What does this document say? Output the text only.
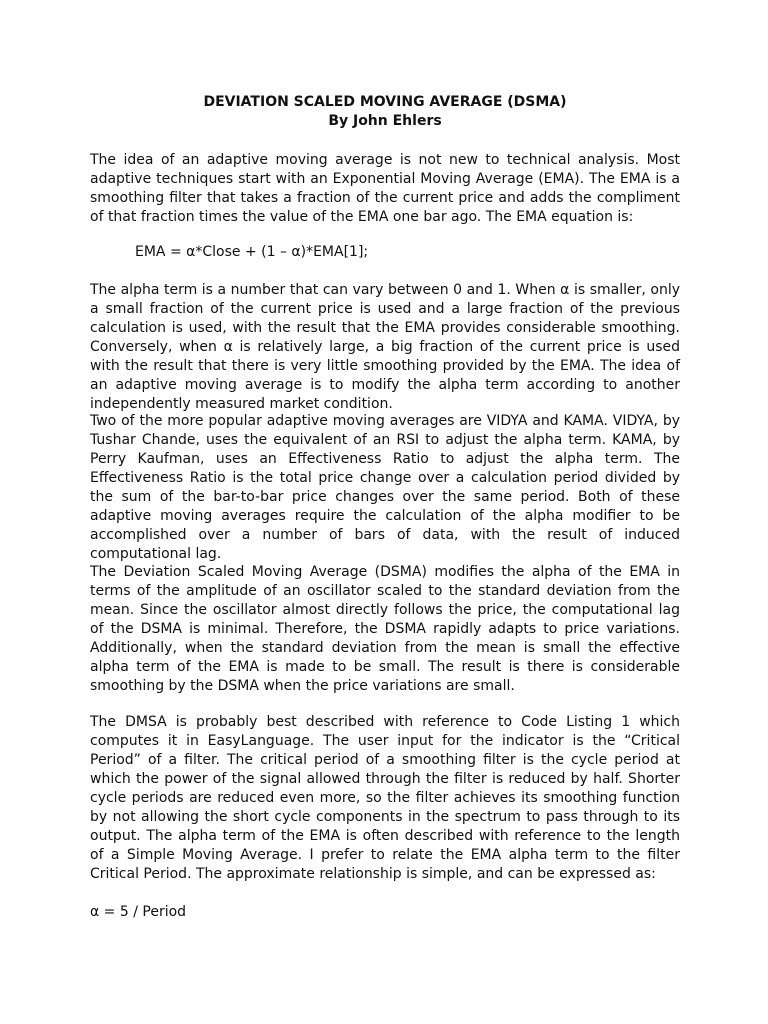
DEVIATION SCALED MOVING AVERAGE (DSMA)
By John Ehlers

The idea of an adaptive moving average is not new to technical analysis. Most adaptive techniques start with an Exponential Moving Average (EMA). The EMA is a smoothing filter that takes a fraction of the current price and adds the compliment of that fraction times the value of the EMA one bar ago. The EMA equation is:

EMA = α*Close + (1 – α)*EMA[1];

The alpha term is a number that can vary between 0 and 1. When α is smaller, only a small fraction of the current price is used and a large fraction of the previous calculation is used, with the result that the EMA provides considerable smoothing. Conversely, when α is relatively large, a big fraction of the current price is used with the result that there is very little smoothing provided by the EMA. The idea of an adaptive moving average is to modify the alpha term according to another independently measured market condition.

Two of the more popular adaptive moving averages are VIDYA and KAMA. VIDYA, by Tushar Chande, uses the equivalent of an RSI to adjust the alpha term. KAMA, by Perry Kaufman, uses an Effectiveness Ratio to adjust the alpha term. The Effectiveness Ratio is the total price change over a calculation period divided by the sum of the bar-to-bar price changes over the same period. Both of these adaptive moving averages require the calculation of the alpha modifier to be accomplished over a number of bars of data, with the result of induced computational lag.

The Deviation Scaled Moving Average (DSMA) modifies the alpha of the EMA in terms of the amplitude of an oscillator scaled to the standard deviation from the mean. Since the oscillator almost directly follows the price, the computational lag of the DSMA is minimal. Therefore, the DSMA rapidly adapts to price variations. Additionally, when the standard deviation from the mean is small the effective alpha term of the EMA is made to be small. The result is there is considerable smoothing by the DSMA when the price variations are small.

The DMSA is probably best described with reference to Code Listing 1 which computes it in EasyLanguage. The user input for the indicator is the “Critical Period” of a filter. The critical period of a smoothing filter is the cycle period at which the power of the signal allowed through the filter is reduced by half. Shorter cycle periods are reduced even more, so the filter achieves its smoothing function by not allowing the short cycle components in the spectrum to pass through to its output. The alpha term of the EMA is often described with reference to the length of a Simple Moving Average. I prefer to relate the EMA alpha term to the filter Critical Period. The approximate relationship is simple, and can be expressed as:

α = 5 / Period
